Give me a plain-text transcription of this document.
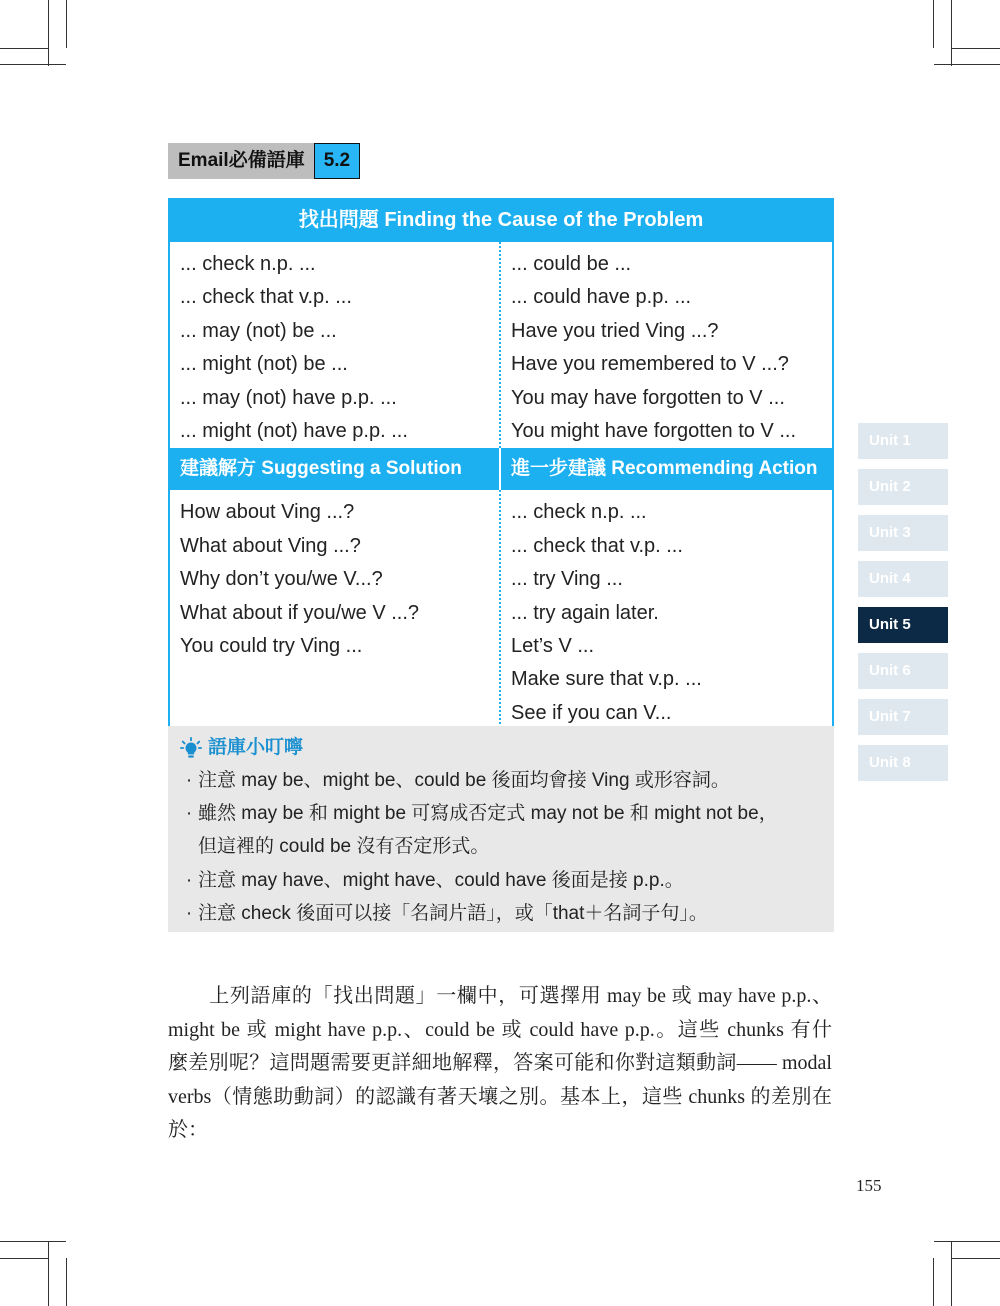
Email必備語庫	5.2
找出問題 Finding the Cause of the Problem
... check n.p. ...
... check that v.p. ...
... may (not) be ...
... might (not) be ...
... may (not) have p.p. ...
... might (not) have p.p. ...
... could be ...
... could have p.p. ...
Have you tried Ving ...?
Have you remembered to V ...?
You may have forgotten to V ...
You might have forgotten to V ...
建議解方 Suggesting a Solution	進一步建議 Recommending Action
How about Ving ...?
What about Ving ...?
Why don’t you/we V...?
What about if you/we V ...?
You could try Ving ...
... check n.p. ...
... check that v.p. ...
... try Ving ...
... try again later.
Let’s V ...
Make sure that v.p. ...
See if you can V...
語庫小叮嚀
· 注意 may be、might be、could be 後面均會接 Ving 或形容詞。
· 雖然 may be 和 might be 可寫成否定式 may not be 和 might not be，
但這裡的 could be 沒有否定形式。
· 注意 may have、might have、could have 後面是接 p.p.。
· 注意 check 後面可以接「名詞片語」，或「that＋名詞子句」。
　　上列語庫的「找出問題」一欄中，可選擇用 may be 或 may have p.p.、
might be 或 might have p.p.、could be 或 could have p.p.。這些 chunks 有什
麼差別呢？這問題需要更詳細地解釋，答案可能和你對這類動詞—— modal
verbs（情態助動詞）的認識有著天壤之別。基本上，這些 chunks 的差別在
於：
Unit 1
Unit 2
Unit 3
Unit 4
Unit 5
Unit 6
Unit 7
Unit 8
155
